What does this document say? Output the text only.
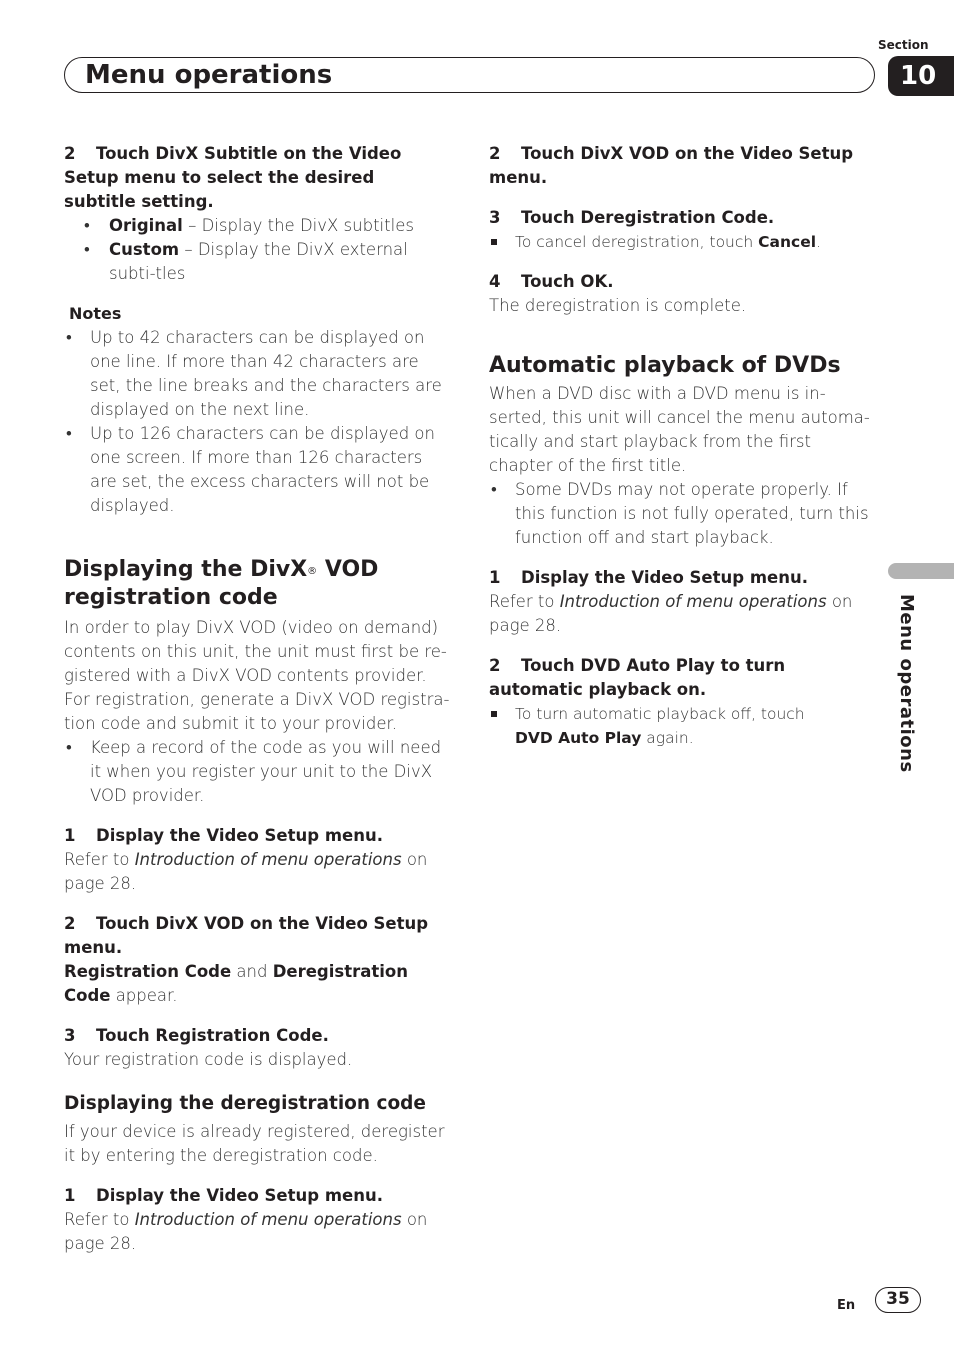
Section
10
Menu operations

2 Touch DivX Subtitle on the Video Setup menu to select the desired subtitle setting.

• Original – Display the DivX subtitles
• Custom – Display the DivX external subti-tles

Notes

• Up to 42 characters can be displayed on one line. If more than 42 characters are set, the line breaks and the characters are displayed on the next line.
• Up to 126 characters can be displayed on one screen. If more than 126 characters are set, the excess characters will not be displayed.

Displaying the DivX® VOD registration code

In order to play DivX VOD (video on demand) contents on this unit, the unit must first be re-gistered with a DivX VOD contents provider. For registration, generate a DivX VOD registra-tion code and submit it to your provider.

• Keep a record of the code as you will need it when you register your unit to the DivX VOD provider.

1 Display the Video Setup menu.

Refer to Introduction of menu operations on page 28.

2 Touch DivX VOD on the Video Setup menu.

Registration Code and Deregistration Code appear.

3 Touch Registration Code.

Your registration code is displayed.

Displaying the deregistration code

If your device is already registered, deregister it by entering the deregistration code.

1 Display the Video Setup menu.

Refer to Introduction of menu operations on page 28.

2 Touch DivX VOD on the Video Setup menu.

3 Touch Deregistration Code.

To cancel deregistration, touch Cancel.

4 Touch OK.

The deregistration is complete.

Automatic playback of DVDs

When a DVD disc with a DVD menu is in-serted, this unit will cancel the menu automa-tically and start playback from the first chapter of the first title.

• Some DVDs may not operate properly. If this function is not fully operated, turn this function off and start playback.

1 Display the Video Setup menu.

Refer to Introduction of menu operations on page 28.

2 Touch DVD Auto Play to turn automatic playback on.

To turn automatic playback off, touch
DVD Auto Play again.	Menu operations
En	35
